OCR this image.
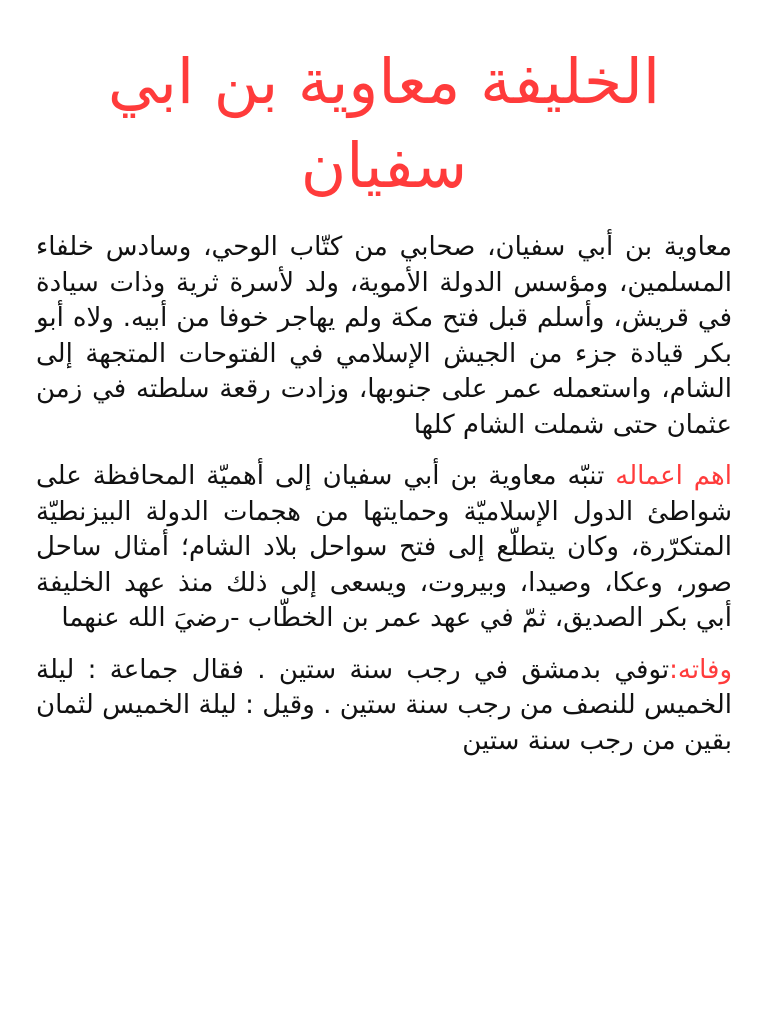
الخليفة معاوية بن ابي سفيان

معاوية بن أبي سفيان، صحابي من كتّاب الوحي، وسادس خلفاء المسلمين، ومؤسس الدولة الأموية، ولد لأسرة ثرية وذات سيادة في قريش، وأسلم قبل فتح مكة ولم يهاجر خوفا من أبيه. ولاه أبو بكر قيادة جزء من الجيش الإسلامي في الفتوحات المتجهة إلى الشام، واستعمله عمر على جنوبها، وزادت رقعة سلطته في زمن عثمان حتى شملت الشام كلها

اهم اعماله تنبّه معاوية بن أبي سفيان إلى أهميّة المحافظة على شواطئ الدول الإسلاميّة وحمايتها من هجمات الدولة البيزنطيّة المتكرّرة، وكان يتطلّع إلى فتح سواحل بلاد الشام؛ أمثال ساحل صور، وعكا، وصيدا، وبيروت، ويسعى إلى ذلك منذ عهد الخليفة أبي بكر الصديق، ثمّ في عهد عمر بن الخطّاب -رضيَ الله عنهما

وفاته:توفي بدمشق في رجب سنة ستين . فقال جماعة : ليلة الخميس للنصف من رجب سنة ستين . وقيل : ليلة الخميس لثمان بقين من رجب سنة ستين
